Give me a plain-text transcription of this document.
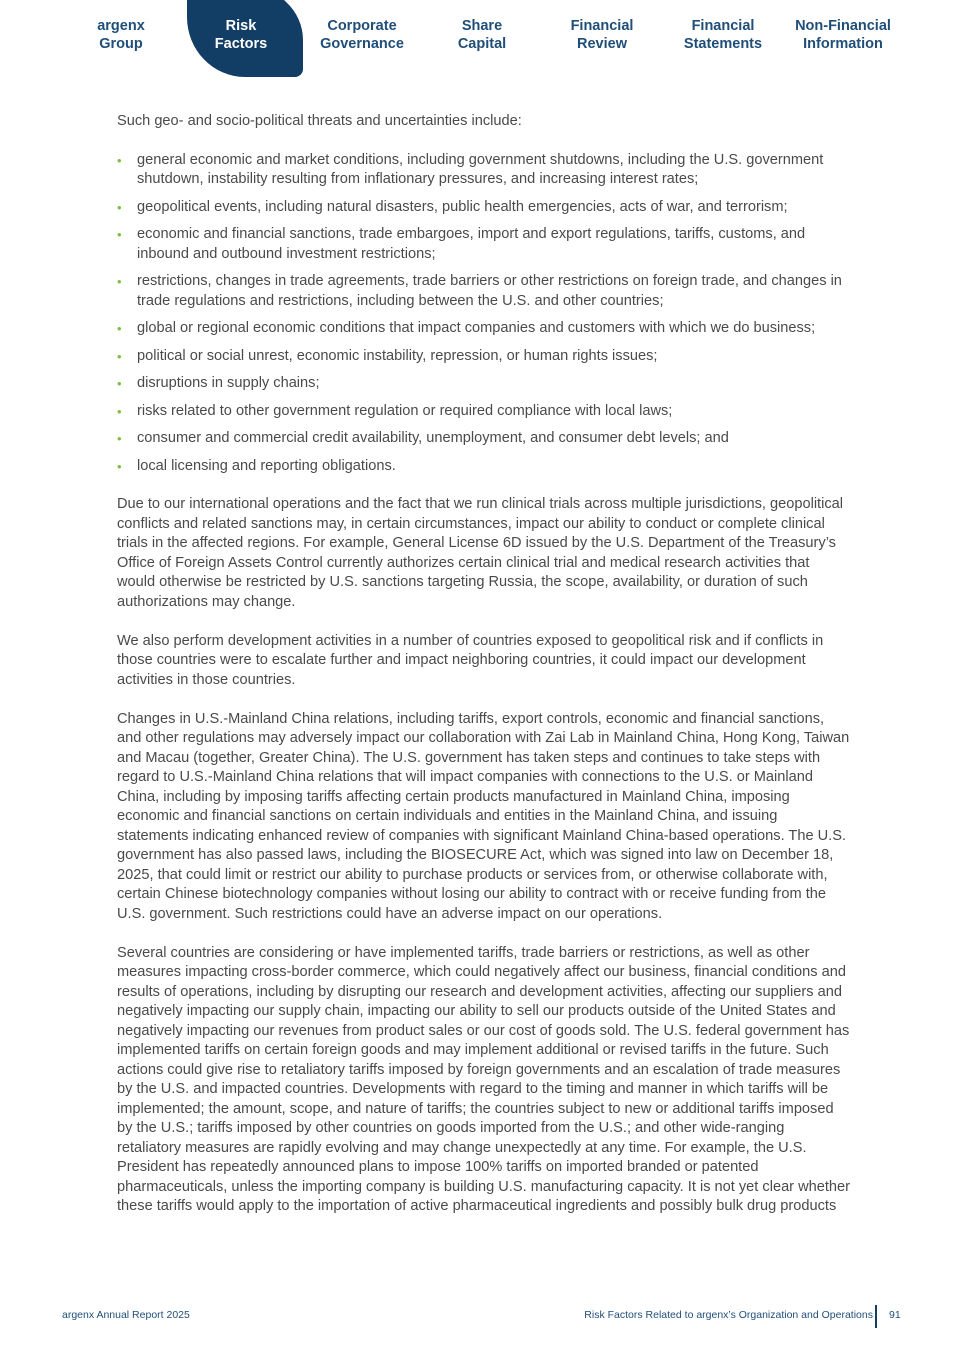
argenx
Group
Risk
Factors
Corporate
Governance
Share
Capital
Financial
Review
Financial
Statements
Non-Financial
Information

Such geo- and socio-political threats and uncertainties include:

• general economic and market conditions, including government shutdowns, including the U.S. government shutdown, instability resulting from inflationary pressures, and increasing interest rates;
• geopolitical events, including natural disasters, public health emergencies, acts of war, and terrorism;
• economic and financial sanctions, trade embargoes, import and export regulations, tariffs, customs, and inbound and outbound investment restrictions;
• restrictions, changes in trade agreements, trade barriers or other restrictions on foreign trade, and changes in trade regulations and restrictions, including between the U.S. and other countries;
• global or regional economic conditions that impact companies and customers with which we do business;
• political or social unrest, economic instability, repression, or human rights issues;
• disruptions in supply chains;
• risks related to other government regulation or required compliance with local laws;
• consumer and commercial credit availability, unemployment, and consumer debt levels; and
• local licensing and reporting obligations.

Due to our international operations and the fact that we run clinical trials across multiple jurisdictions, geopolitical conflicts and related sanctions may, in certain circumstances, impact our ability to conduct or complete clinical trials in the affected regions. For example, General License 6D issued by the U.S. Department of the Treasury’s Office of Foreign Assets Control currently authorizes certain clinical trial and medical research activities that would otherwise be restricted by U.S. sanctions targeting Russia, the scope, availability, or duration of such authorizations may change.

We also perform development activities in a number of countries exposed to geopolitical risk and if conflicts in those countries were to escalate further and impact neighboring countries, it could impact our development activities in those countries.

Changes in U.S.-Mainland China relations, including tariffs, export controls, economic and financial sanctions, and other regulations may adversely impact our collaboration with Zai Lab in Mainland China, Hong Kong, Taiwan and Macau (together, Greater China). The U.S. government has taken steps and continues to take steps with regard to U.S.-Mainland China relations that will impact companies with connections to the U.S. or Mainland China, including by imposing tariffs affecting certain products manufactured in Mainland China, imposing economic and financial sanctions on certain individuals and entities in the Mainland China, and issuing statements indicating enhanced review of companies with significant Mainland China-based operations. The U.S. government has also passed laws, including the BIOSECURE Act, which was signed into law on December 18, 2025, that could limit or restrict our ability to purchase products or services from, or otherwise collaborate with, certain Chinese biotechnology companies without losing our ability to contract with or receive funding from the U.S. government. Such restrictions could have an adverse impact on our operations.

Several countries are considering or have implemented tariffs, trade barriers or restrictions, as well as other measures impacting cross-border commerce, which could negatively affect our business, financial conditions and results of operations, including by disrupting our research and development activities, affecting our suppliers and negatively impacting our supply chain, impacting our ability to sell our products outside of the United States and negatively impacting our revenues from product sales or our cost of goods sold. The U.S. federal government has implemented tariffs on certain foreign goods and may implement additional or revised tariffs in the future. Such actions could give rise to retaliatory tariffs imposed by foreign governments and an escalation of trade measures by the U.S. and impacted countries. Developments with regard to the timing and manner in which tariffs will be implemented; the amount, scope, and nature of tariffs; the countries subject to new or additional tariffs imposed by the U.S.; tariffs imposed by other countries on goods imported from the U.S.; and other wide-ranging retaliatory measures are rapidly evolving and may change unexpectedly at any time. For example, the U.S. President has repeatedly announced plans to impose 100% tariffs on imported branded or patented pharmaceuticals, unless the importing company is building U.S. manufacturing capacity. It is not yet clear whether these tariffs would apply to the importation of active pharmaceutical ingredients and possibly bulk drug products

argenx Annual Report 2025	Risk Factors Related to argenx’s Organization and Operations 91
